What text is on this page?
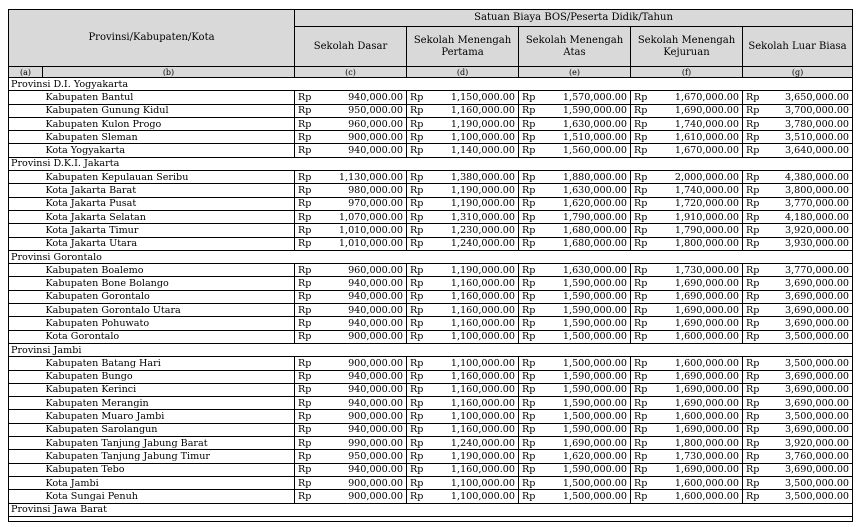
Provinsi/Kabupaten/Kota		Satuan Biaya BOS/Peserta Didik/Tahun									
		Sekolah Dasar		Sekolah Menengah Pertama		Sekolah Menengah Atas		Sekolah Menengah Kejuruan		Sekolah Luar Biasa	
(a)	(b)	(c)		(d)		(e)		(f)		(g)	
Provinsi D.I. Yogyakarta											
	Kabupaten Bantul	Rp	940,000.00	Rp	1,150,000.00	Rp	1,570,000.00	Rp	1,670,000.00	Rp	3,650,000.00
	Kabupaten Gunung Kidul	Rp	950,000.00	Rp	1,160,000.00	Rp	1,590,000.00	Rp	1,690,000.00	Rp	3,700,000.00
	Kabupaten Kulon Progo	Rp	960,000.00	Rp	1,190,000.00	Rp	1,630,000.00	Rp	1,740,000.00	Rp	3,780,000.00
	Kabupaten Sleman	Rp	900,000.00	Rp	1,100,000.00	Rp	1,510,000.00	Rp	1,610,000.00	Rp	3,510,000.00
	Kota Yogyakarta	Rp	940,000.00	Rp	1,140,000.00	Rp	1,560,000.00	Rp	1,670,000.00	Rp	3,640,000.00
Provinsi D.K.I. Jakarta											
	Kabupaten Kepulauan Seribu	Rp	1,130,000.00	Rp	1,380,000.00	Rp	1,880,000.00	Rp	2,000,000.00	Rp	4,380,000.00
	Kota Jakarta Barat	Rp	980,000.00	Rp	1,190,000.00	Rp	1,630,000.00	Rp	1,740,000.00	Rp	3,800,000.00
	Kota Jakarta Pusat	Rp	970,000.00	Rp	1,190,000.00	Rp	1,620,000.00	Rp	1,720,000.00	Rp	3,770,000.00
	Kota Jakarta Selatan	Rp	1,070,000.00	Rp	1,310,000.00	Rp	1,790,000.00	Rp	1,910,000.00	Rp	4,180,000.00
	Kota Jakarta Timur	Rp	1,010,000.00	Rp	1,230,000.00	Rp	1,680,000.00	Rp	1,790,000.00	Rp	3,920,000.00
	Kota Jakarta Utara	Rp	1,010,000.00	Rp	1,240,000.00	Rp	1,680,000.00	Rp	1,800,000.00	Rp	3,930,000.00
Provinsi Gorontalo											
	Kabupaten Boalemo	Rp	960,000.00	Rp	1,190,000.00	Rp	1,630,000.00	Rp	1,730,000.00	Rp	3,770,000.00
	Kabupaten Bone Bolango	Rp	940,000.00	Rp	1,160,000.00	Rp	1,590,000.00	Rp	1,690,000.00	Rp	3,690,000.00
	Kabupaten Gorontalo	Rp	940,000.00	Rp	1,160,000.00	Rp	1,590,000.00	Rp	1,690,000.00	Rp	3,690,000.00
	Kabupaten Gorontalo Utara	Rp	940,000.00	Rp	1,160,000.00	Rp	1,590,000.00	Rp	1,690,000.00	Rp	3,690,000.00
	Kabupaten Pohuwato	Rp	940,000.00	Rp	1,160,000.00	Rp	1,590,000.00	Rp	1,690,000.00	Rp	3,690,000.00
	Kota Gorontalo	Rp	900,000.00	Rp	1,100,000.00	Rp	1,500,000.00	Rp	1,600,000.00	Rp	3,500,000.00
Provinsi Jambi											
	Kabupaten Batang Hari	Rp	900,000.00	Rp	1,100,000.00	Rp	1,500,000.00	Rp	1,600,000.00	Rp	3,500,000.00
	Kabupaten Bungo	Rp	940,000.00	Rp	1,160,000.00	Rp	1,590,000.00	Rp	1,690,000.00	Rp	3,690,000.00
	Kabupaten Kerinci	Rp	940,000.00	Rp	1,160,000.00	Rp	1,590,000.00	Rp	1,690,000.00	Rp	3,690,000.00
	Kabupaten Merangin	Rp	940,000.00	Rp	1,160,000.00	Rp	1,590,000.00	Rp	1,690,000.00	Rp	3,690,000.00
	Kabupaten Muaro Jambi	Rp	900,000.00	Rp	1,100,000.00	Rp	1,500,000.00	Rp	1,600,000.00	Rp	3,500,000.00
	Kabupaten Sarolangun	Rp	940,000.00	Rp	1,160,000.00	Rp	1,590,000.00	Rp	1,690,000.00	Rp	3,690,000.00
	Kabupaten Tanjung Jabung Barat	Rp	990,000.00	Rp	1,240,000.00	Rp	1,690,000.00	Rp	1,800,000.00	Rp	3,920,000.00
	Kabupaten Tanjung Jabung Timur	Rp	950,000.00	Rp	1,190,000.00	Rp	1,620,000.00	Rp	1,730,000.00	Rp	3,760,000.00
	Kabupaten Tebo	Rp	940,000.00	Rp	1,160,000.00	Rp	1,590,000.00	Rp	1,690,000.00	Rp	3,690,000.00
	Kota Jambi	Rp	900,000.00	Rp	1,100,000.00	Rp	1,500,000.00	Rp	1,600,000.00	Rp	3,500,000.00
	Kota Sungai Penuh	Rp	900,000.00	Rp	1,100,000.00	Rp	1,500,000.00	Rp	1,600,000.00	Rp	3,500,000.00
Provinsi Jawa Barat											
